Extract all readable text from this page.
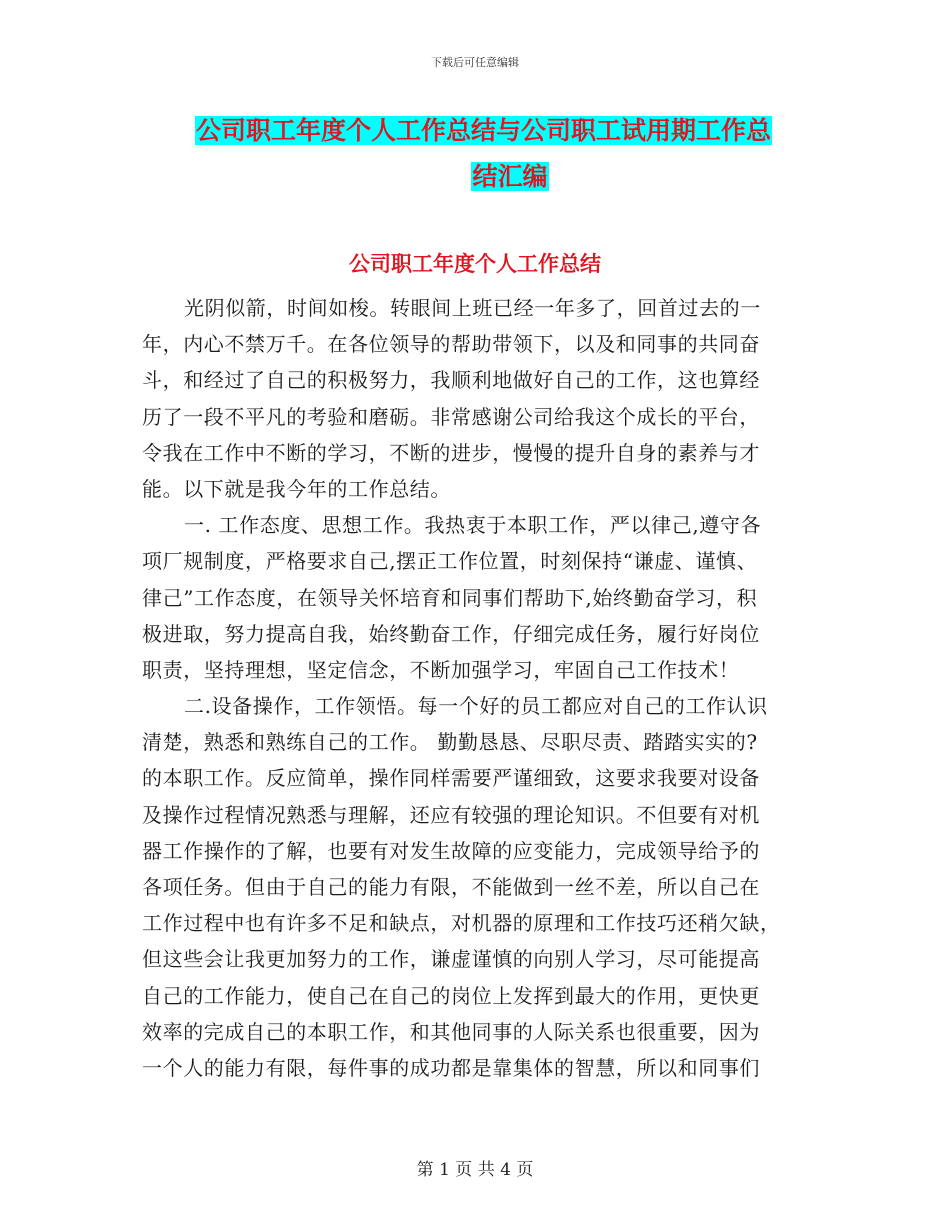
下载后可任意编辑
公司职工年度个人工作总结与公司职工试用期工作总
结汇编
公司职工年度个人工作总结
光阴似箭，时间如梭。转眼间上班已经一年多了，回首过去的一
年，内心不禁万千。在各位领导的帮助带领下，以及和同事的共同奋
斗，和经过了自己的积极努力，我顺利地做好自己的工作，这也算经
历了一段不平凡的考验和磨砺。非常感谢公司给我这个成长的平台，
令我在工作中不断的学习，不断的进步，慢慢的提升自身的素养与才
能。以下就是我今年的工作总结。
一. 工作态度、思想工作。我热衷于本职工作，严以律己,遵守各
项厂规制度，严格要求自己,摆正工作位置，时刻保持“谦虚、谨慎、
律己”工作态度，在领导关怀培育和同事们帮助下,始终勤奋学习，积
极进取，努力提高自我，始终勤奋工作，仔细完成任务，履行好岗位
职责，坚持理想，坚定信念，不断加强学习，牢固自己工作技术！
二.设备操作，工作领悟。每一个好的员工都应对自己的工作认识
清楚，熟悉和熟练自己的工作。 勤勤恳恳、尽职尽责、踏踏实实的?
的本职工作。反应简单，操作同样需要严谨细致，这要求我要对设备
及操作过程情况熟悉与理解，还应有较强的理论知识。不但要有对机
器工作操作的了解，也要有对发生故障的应变能力，完成领导给予的
各项任务。但由于自己的能力有限，不能做到一丝不差，所以自己在
工作过程中也有许多不足和缺点，对机器的原理和工作技巧还稍欠缺，
但这些会让我更加努力的工作，谦虚谨慎的向别人学习，尽可能提高
自己的工作能力，使自己在自己的岗位上发挥到最大的作用，更快更
效率的完成自己的本职工作，和其他同事的人际关系也很重要，因为
一个人的能力有限，每件事的成功都是靠集体的智慧，所以和同事们
第 1 页 共 4 页
